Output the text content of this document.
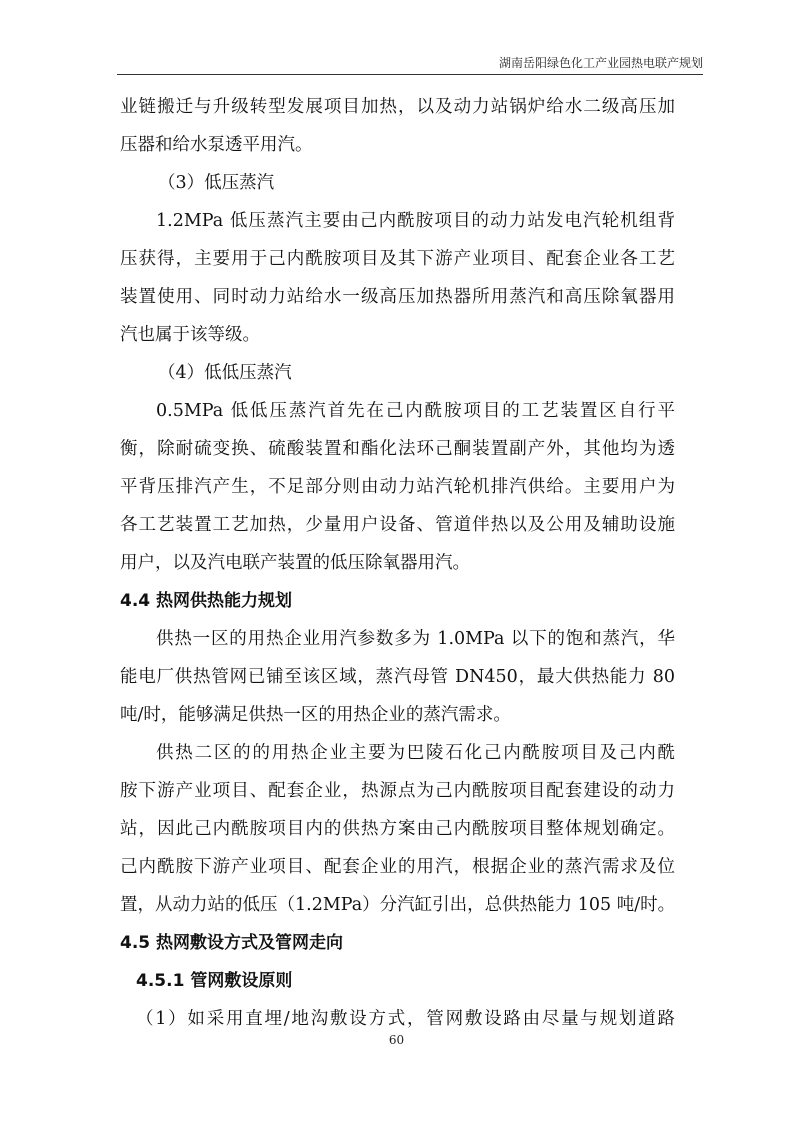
湖南岳阳绿色化工产业园热电联产规划
业链搬迁与升级转型发展项目加热，以及动力站锅炉给水二级高压加
压器和给水泵透平用汽。
（3）低压蒸汽
1.2MPa 低压蒸汽主要由己内酰胺项目的动力站发电汽轮机组背
压获得，主要用于己内酰胺项目及其下游产业项目、配套企业各工艺
装置使用、同时动力站给水一级高压加热器所用蒸汽和高压除氧器用
汽也属于该等级。
（4）低低压蒸汽
0.5MPa 低低压蒸汽首先在己内酰胺项目的工艺装置区自行平
衡，除耐硫变换、硫酸装置和酯化法环己酮装置副产外，其他均为透
平背压排汽产生，不足部分则由动力站汽轮机排汽供给。主要用户为
各工艺装置工艺加热，少量用户设备、管道伴热以及公用及辅助设施
用户，以及汽电联产装置的低压除氧器用汽。
4.4 热网供热能力规划
供热一区的用热企业用汽参数多为 1.0MPa 以下的饱和蒸汽，华
能电厂供热管网已铺至该区域，蒸汽母管 DN450，最大供热能力 80
吨/时，能够满足供热一区的用热企业的蒸汽需求。
供热二区的的用热企业主要为巴陵石化己内酰胺项目及己内酰
胺下游产业项目、配套企业，热源点为己内酰胺项目配套建设的动力
站，因此己内酰胺项目内的供热方案由己内酰胺项目整体规划确定。
己内酰胺下游产业项目、配套企业的用汽，根据企业的蒸汽需求及位
置，从动力站的低压（1.2MPa）分汽缸引出，总供热能力 105 吨/时。
4.5 热网敷设方式及管网走向
4.5.1 管网敷设原则
（1）如采用直埋/地沟敷设方式，管网敷设路由尽量与规划道路
60
